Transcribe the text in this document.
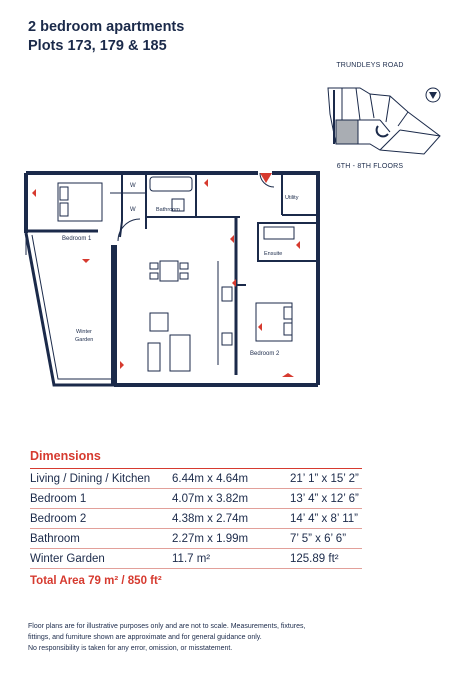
2 bedroom apartments
Plots 173, 179 & 185
TRUNDLEYS ROAD
6TH - 8TH FLOORS
Bedroom 1
Bathroom
Utility
Ensuite
Winter
Garden
Bedroom 2
W
W
Dimensions
Living / Dining / Kitchen	6.44m x 4.64m	21’ 1” x 15’ 2”
Bedroom 1	4.07m x 3.82m	13’ 4” x 12’ 6”
Bedroom 2	4.38m x 2.74m	14’ 4” x 8’ 11”
Bathroom	2.27m x 1.99m	7’ 5” x 6’ 6”
Winter Garden	11.7 m²	125.89 ft²
Total Area 79 m² / 850 ft²
Floor plans are for illustrative purposes only and are not to scale. Measurements, fixtures,
fittings, and furniture shown are approximate and for general guidance only.
No responsibility is taken for any error, omission, or misstatement.
